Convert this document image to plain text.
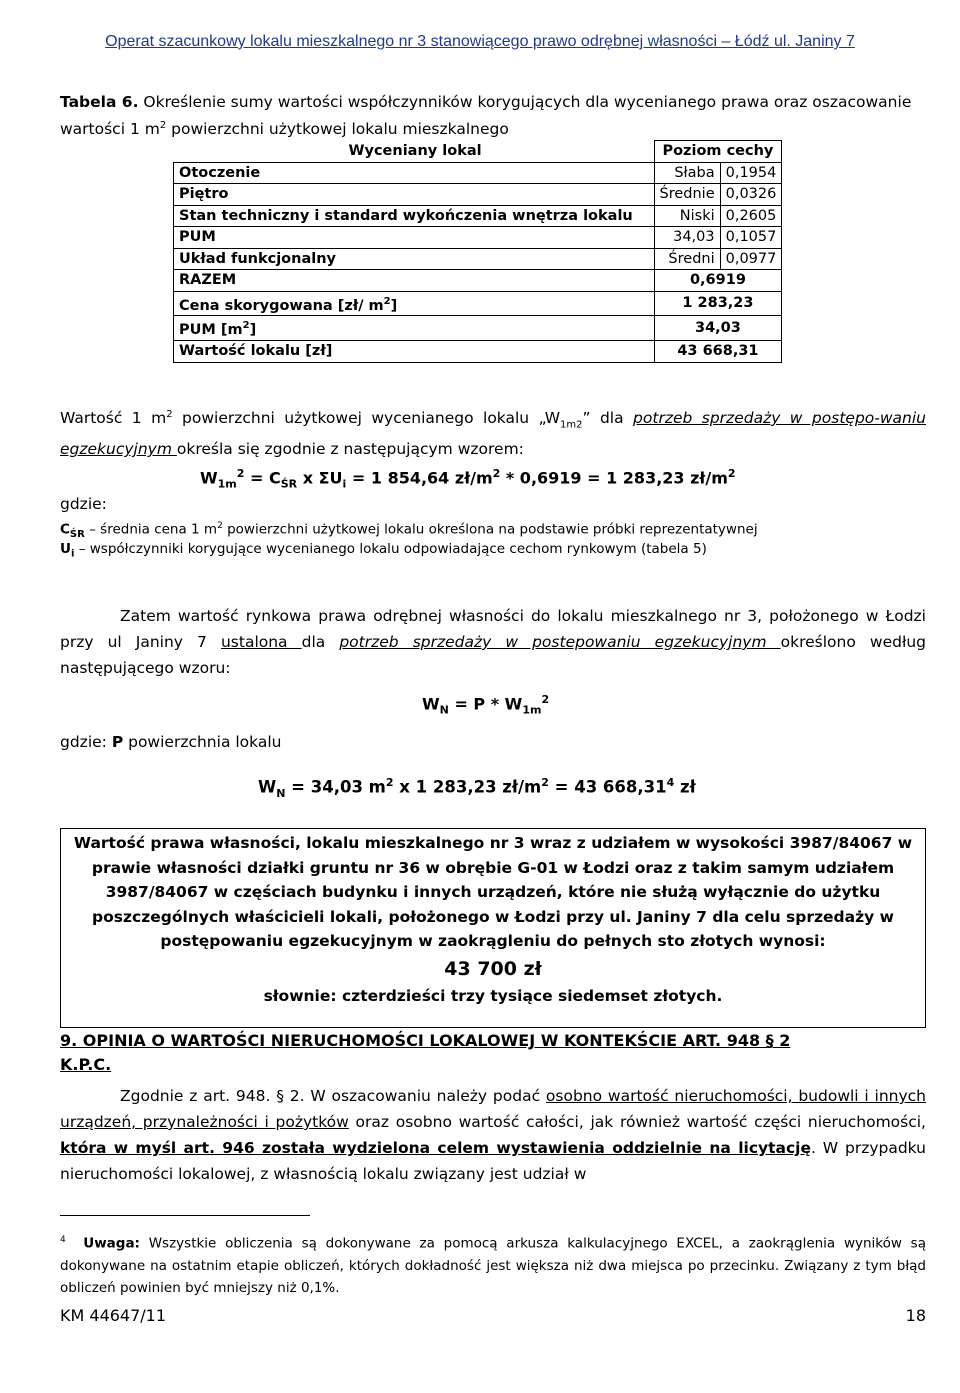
Operat szacunkowy lokalu mieszkalnego nr 3 stanowiącego prawo odrębnej własności – Łódź ul. Janiny 7
Tabela 6. Określenie sumy wartości współczynników korygujących dla wycenianego prawa oraz oszacowanie wartości 1 $m^2$ powierzchni użytkowej lokalu mieszkalnego
Wyceniany lokal	Poziom cechy	
Otoczenie	Słaba	0,1954
Piętro	Średnie	0,0326
Stan techniczny i standard wykończenia wnętrza lokalu	Niski	0,2605
PUM	34,03	0,1057
Układ funkcjonalny	Średni	0,0977
RAZEM	0,6919	
Cena skorygowana [zł/ $m^2$]	1 283,23	
PUM $[m^2]$	34,03	
Wartość lokalu [zł]	43 668,31	
Wartość 1 $m^2$ powierzchni użytkowej wycenianego lokalu $„W_{1m2}$” dla potrzeb sprzedaży w postępo-waniu egzekucyjnym określa się zgodnie z następującym wzorem:
$W_{1m}^2 = C_{ŚR}$ x $\Sigma U_i = 1$ 854,64 $zł/m^2 * 0,6919 = 1$ 283,23 $zł/m^2$
gdzie:
$C_{ŚR}$ – średnia cena 1 $m^2$ powierzchni użytkowej lokalu określona na podstawie próbki reprezentatywnej
$U_i$ – współczynniki korygujące wycenianego lokalu odpowiadające cechom rynkowym (tabela 5)
Zatem wartość rynkowa prawa odrębnej własności do lokalu mieszkalnego nr 3, położonego w Łodzi przy ul Janiny 7 ustalona dla potrzeb sprzedaży w postepowaniu egzekucyjnym określono według następującego wzoru:
$W_N = P * W_{1m}^2$
gdzie: P powierzchnia lokalu
$W_N = 34,03$ $m^2$ x 1 283,23 $zł/m^2 = 43$ 668,31$^4$ zł
Wartość prawa własności, lokalu mieszkalnego nr 3 wraz z udziałem w wysokości 3987/84067 w
prawie własności działki gruntu nr 36 w obrębie G-01 w Łodzi oraz z takim samym udziałem
3987/84067 w częściach budynku i innych urządzeń, które nie służą wyłącznie do użytku
poszczególnych właścicieli lokali, położonego w Łodzi przy ul. Janiny 7 dla celu sprzedaży w
postępowaniu egzekucyjnym w zaokrągleniu do pełnych sto złotych wynosi:
43 700 zł
słownie: czterdzieści trzy tysiące siedemset złotych.
9. OPINIA O WARTOŚCI NIERUCHOMOŚCI LOKALOWEJ W KONTEKŚCIE ART. 948 § 2
K.P.C.
Zgodnie z art. 948. § 2. W oszacowaniu należy podać osobno wartość nieruchomości, budowli i innych urządzeń, przynależności i pożytków oraz osobno wartość całości, jak również wartość części nieruchomości, która w myśl art. 946 została wydzielona celem wystawienia oddzielnie na licytację. W przypadku nieruchomości lokalowej, z własnością lokalu związany jest udział w
$^4$ Uwaga: Wszystkie obliczenia są dokonywane za pomocą arkusza kalkulacyjnego EXCEL, a zaokrąglenia wyników są dokonywane na ostatnim etapie obliczeń, których dokładność jest większa niż dwa miejsca po przecinku. Związany z tym błąd obliczeń powinien być mniejszy niż 0,1%.
KM 44647/11	18
